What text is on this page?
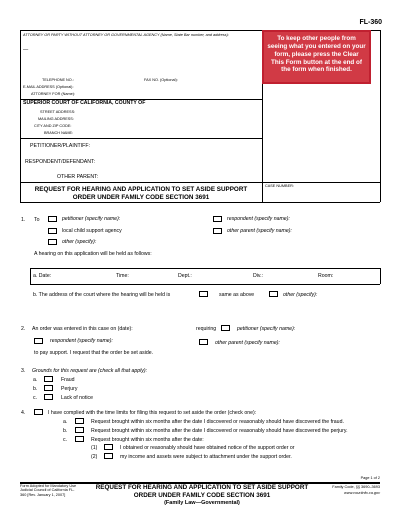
FL-360
ATTORNEY OR PARTY WITHOUT ATTORNEY OR GOVERNMENTAL AGENCY (Name, State Bar number, and address):
—
TELEPHONE NO.:	FAX NO. (Optional):
E-MAIL ADDRESS (Optional):
ATTORNEY FOR (Name):
SUPERIOR COURT OF CALIFORNIA, COUNTY OF
STREET ADDRESS:
MAILING ADDRESS:
CITY AND ZIP CODE:
BRANCH NAME:
PETITIONER/PLAINTIFF:
RESPONDENT/DEFENDANT:
OTHER PARENT:
REQUEST FOR HEARING AND APPLICATION TO SET ASIDE SUPPORT
ORDER UNDER FAMILY CODE SECTION 3691
CASE NUMBER:
To keep other people from seeing what you entered on your form, please press the Clear This Form button at the end of the form when finished.
1. To	petitioner (specify name):	respondent (specify name):
local child support agency	other parent (specify name):
other (specify):
A hearing on this application will be held as follows:
a. Date:	Time:	Dept.:	Div.:	Room:
b. The address of the court where the hearing will be held is	same as above	other (specify):
2. An order was entered in this case on (date):	requiring	petitioner (specify name):
respondent (specify name):	other parent (specify name):
to pay support. I request that the order be set aside.
3. Grounds for this request are (check all that apply):
a.	Fraud
b.	Perjury
c.	Lack of notice
4.	I have complied with the time limits for filing this request to set aside the order (check one):
a.	Request brought within six months after the date I discovered or reasonably should have discovered the fraud.
b.	Request brought within six months after the date I discovered or reasonably should have discovered the perjury.
c.	Request brought within six months after the date:
(1)	I obtained or reasonably should have obtained notice of the support order or
(2)	my income and assets were subject to attachment under the support order.
Page 1 of 2
Form Adopted for Mandatory Use Judicial Council of California FL-360 [Rev. January 1, 2007]
REQUEST FOR HEARING AND APPLICATION TO SET ASIDE SUPPORT
ORDER UNDER FAMILY CODE SECTION 3691
(Family Law—Governmental)
Family Code, §§ 3690–3693
www.courtinfo.ca.gov
